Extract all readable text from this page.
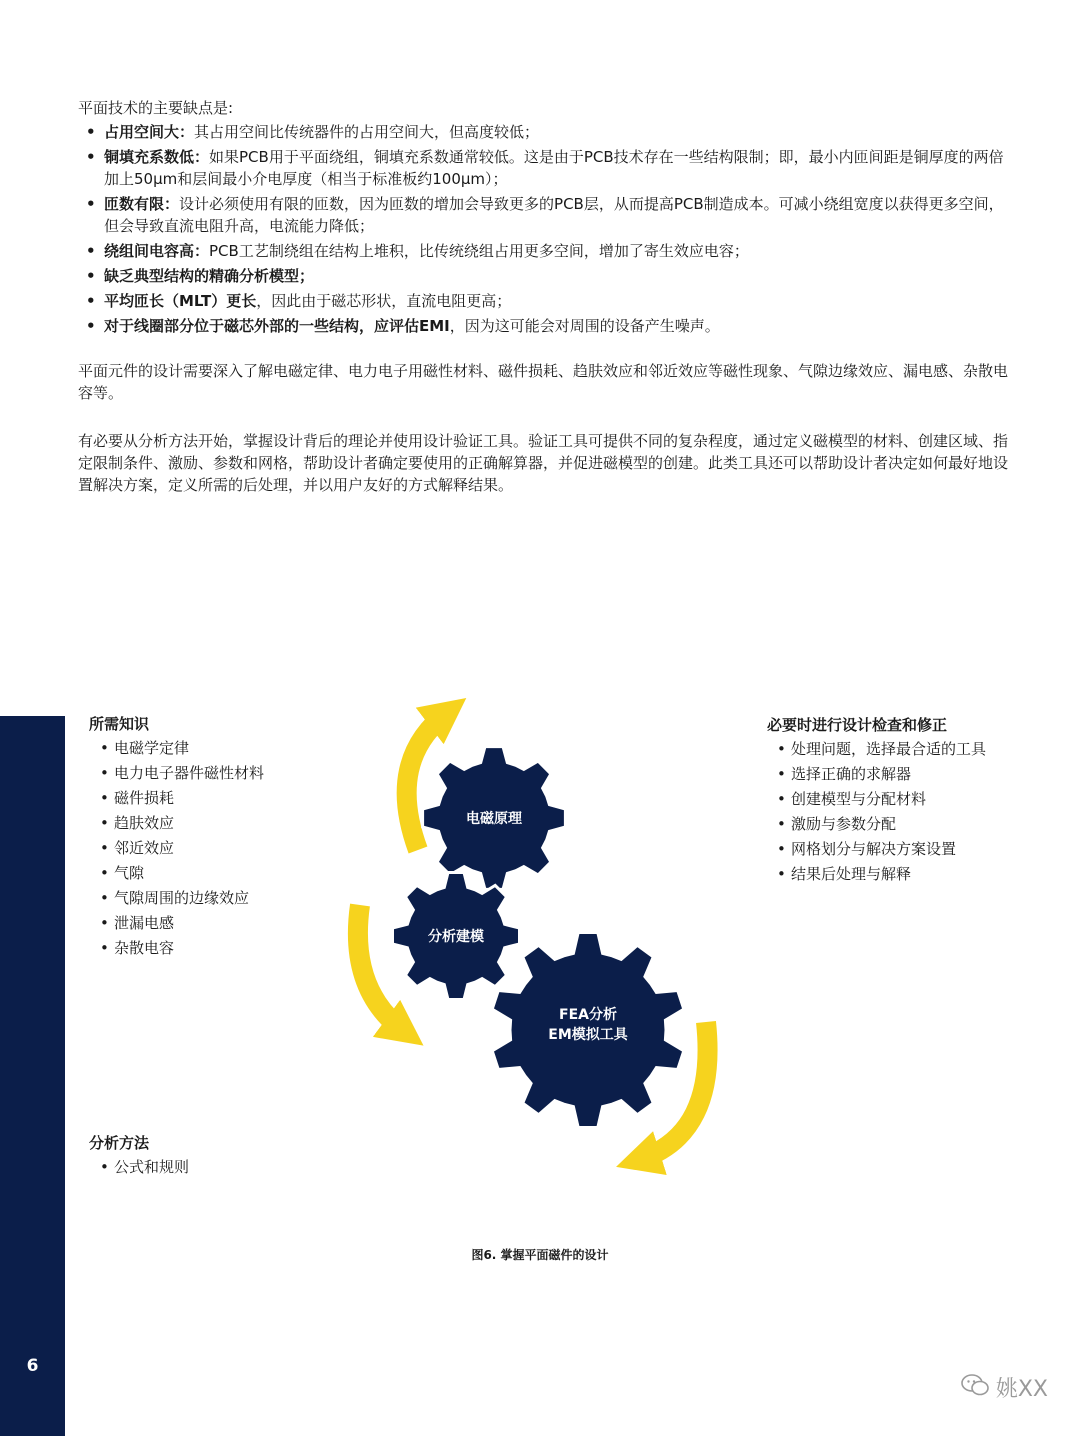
平面技术的主要缺点是:
• 占用空间大：其占用空间比传统器件的占用空间大，但高度较低；
• 铜填充系数低：如果PCB用于平面绕组，铜填充系数通常较低。这是由于PCB技术存在一些结构限制；即，最小内匝间距是铜厚度的两倍加上50μm和层间最小介电厚度（相当于标准板约100μm）；
• 匝数有限：设计必须使用有限的匝数，因为匝数的增加会导致更多的PCB层，从而提高PCB制造成本。可减小绕组宽度以获得更多空间，但会导致直流电阻升高，电流能力降低；
• 绕组间电容高：PCB工艺制绕组在结构上堆积，比传统绕组占用更多空间，增加了寄生效应电容；
• 缺乏典型结构的精确分析模型；
• 平均匝长（MLT）更长，因此由于磁芯形状，直流电阻更高；
• 对于线圈部分位于磁芯外部的一些结构，应评估EMI，因为这可能会对周围的设备产生噪声。
平面元件的设计需要深入了解电磁定律、电力电子用磁性材料、磁件损耗、趋肤效应和邻近效应等磁性现象、气隙边缘效应、漏电感、杂散电容等。
有必要从分析方法开始，掌握设计背后的理论并使用设计验证工具。验证工具可提供不同的复杂程度，通过定义磁模型的材料、创建区域、指定限制条件、激励、参数和网格，帮助设计者确定要使用的正确解算器，并促进磁模型的创建。此类工具还可以帮助设计者决定如何最好地设置解决方案，定义所需的后处理，并以用户友好的方式解释结果。
6
所需知识
• 电磁学定律
• 电力电子器件磁性材料
• 磁件损耗
• 趋肤效应
• 邻近效应
• 气隙
• 气隙周围的边缘效应
• 泄漏电感
• 杂散电容
必要时进行设计检查和修正
• 处理问题，选择最合适的工具
• 选择正确的求解器
• 创建模型与分配材料
• 激励与参数分配
• 网格划分与解决方案设置
• 结果后处理与解释
分析方法
• 公式和规则
电磁原理
分析建模
FEA分析
EM模拟工具
图6. 掌握平面磁件的设计
姚XX
